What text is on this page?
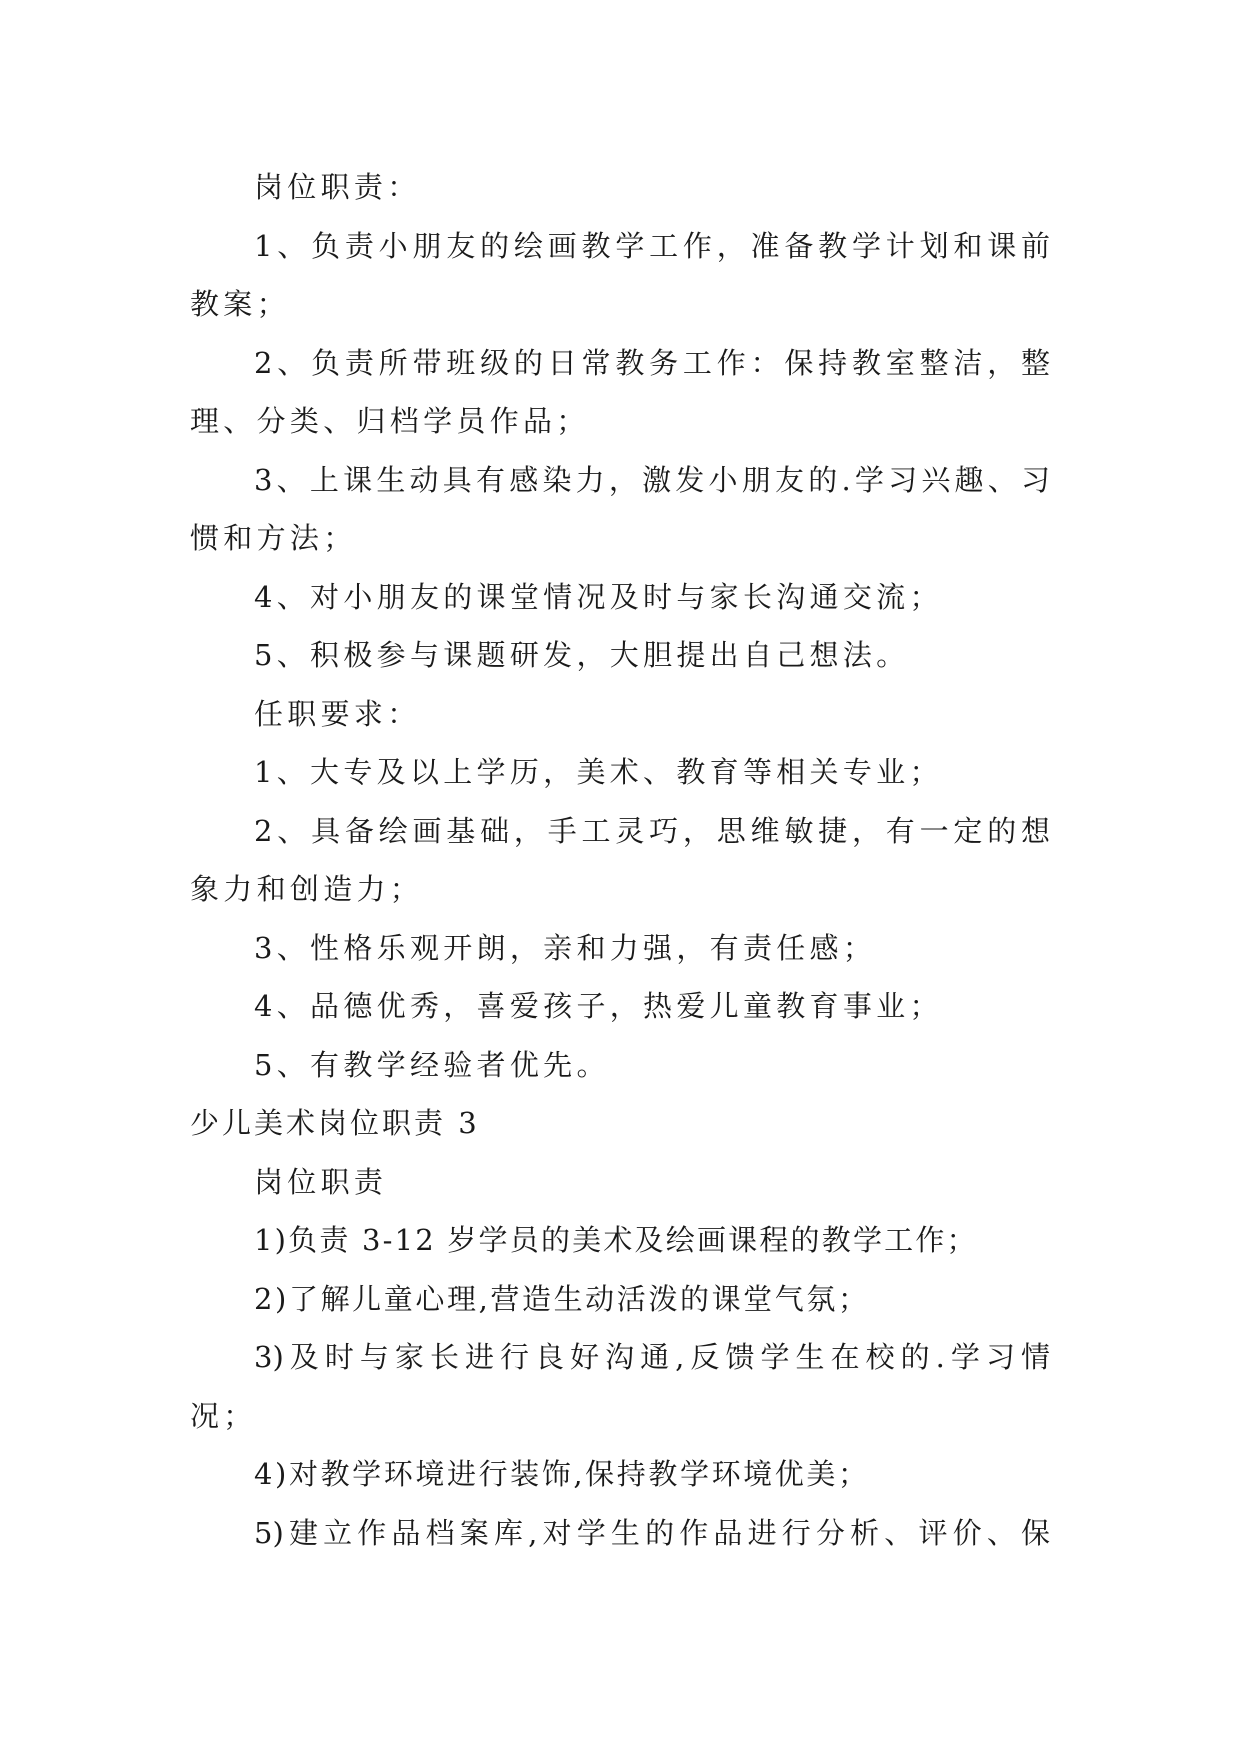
岗位职责：
1、负责小朋友的绘画教学工作，准备教学计划和课前
教案；
2、负责所带班级的日常教务工作：保持教室整洁，整
理、分类、归档学员作品；
3、上课生动具有感染力，激发小朋友的.学习兴趣、习
惯和方法；
4、对小朋友的课堂情况及时与家长沟通交流；
5、积极参与课题研发，大胆提出自己想法。
任职要求：
1、大专及以上学历，美术、教育等相关专业；
2、具备绘画基础，手工灵巧，思维敏捷，有一定的想
象力和创造力；
3、性格乐观开朗，亲和力强，有责任感；
4、品德优秀，喜爱孩子，热爱儿童教育事业；
5、有教学经验者优先。
少儿美术岗位职责 3
岗位职责
1)负责 3-12 岁学员的美术及绘画课程的教学工作；
2)了解儿童心理,营造生动活泼的课堂气氛；
3)及时与家长进行良好沟通,反馈学生在校的.学习情
况；
4)对教学环境进行装饰,保持教学环境优美；
5)建立作品档案库,对学生的作品进行分析、评价、保
